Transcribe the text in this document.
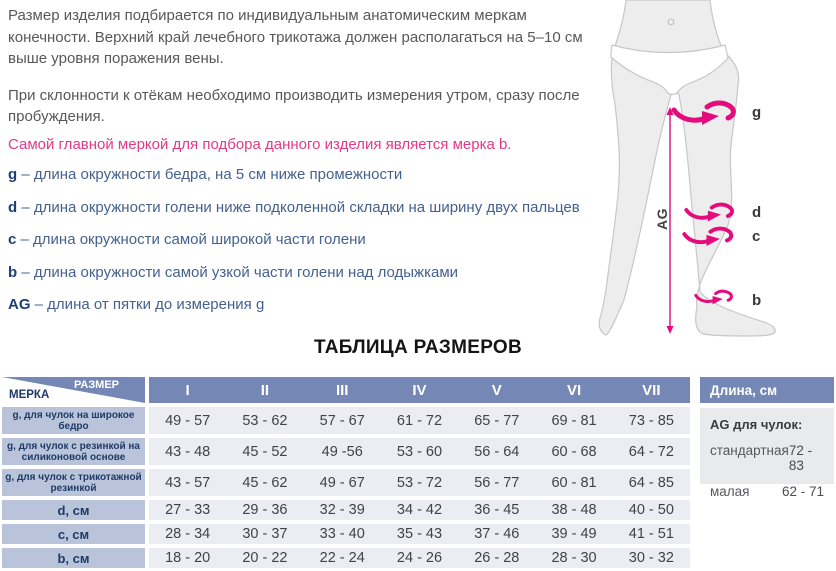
Размер изделия подбирается по индивидуальным анатомическим меркам конечности. Верхний край лечебного трикотажа должен располагаться на 5–10 см выше уровня поражения вены.

При склонности к отёкам необходимо производить измерения утром, сразу после пробуждения.

Самой главной меркой для подбора данного изделия является мерка b.
g – длина окружности бедра, на 5 см ниже промежности
d – длина окружности голени ниже подколенной складки на ширину двух пальцев
c – длина окружности самой широкой части голени
b – длина окружности самой узкой части голени над лодыжками
AG – длина от пятки до измерения g
g
d
c
b
AG
ТАБЛИЦА РАЗМЕРОВ
РАЗМЕР
МЕРКА	I	II	III	IV	V	VI	VII
g, для чулок на широкое бедро	49 - 57	53 - 62	57 - 67	61 - 72	65 - 77	69 - 81	73 - 85
g, для чулок с резинкой на силиконовой основе	43 - 48	45 - 52	49 -56	53 - 60	56 - 64	60 - 68	64 - 72
g, для чулок с трикотажной резинкой	43 - 57	45 - 62	49 - 67	53 - 72	56 - 77	60 - 81	64 - 85
d, см	27 - 33	29 - 36	32 - 39	34 - 42	36 - 45	38 - 48	40 - 50
c, см	28 - 34	30 - 37	33 - 40	35 - 43	37 - 46	39 - 49	41 - 51
b, см	18 - 20	20 - 22	22 - 24	24 - 26	26 - 28	28 - 30	30 - 32
Длина, см
AG для чулок:
стандартная 72 - 83
малая 62 - 71
